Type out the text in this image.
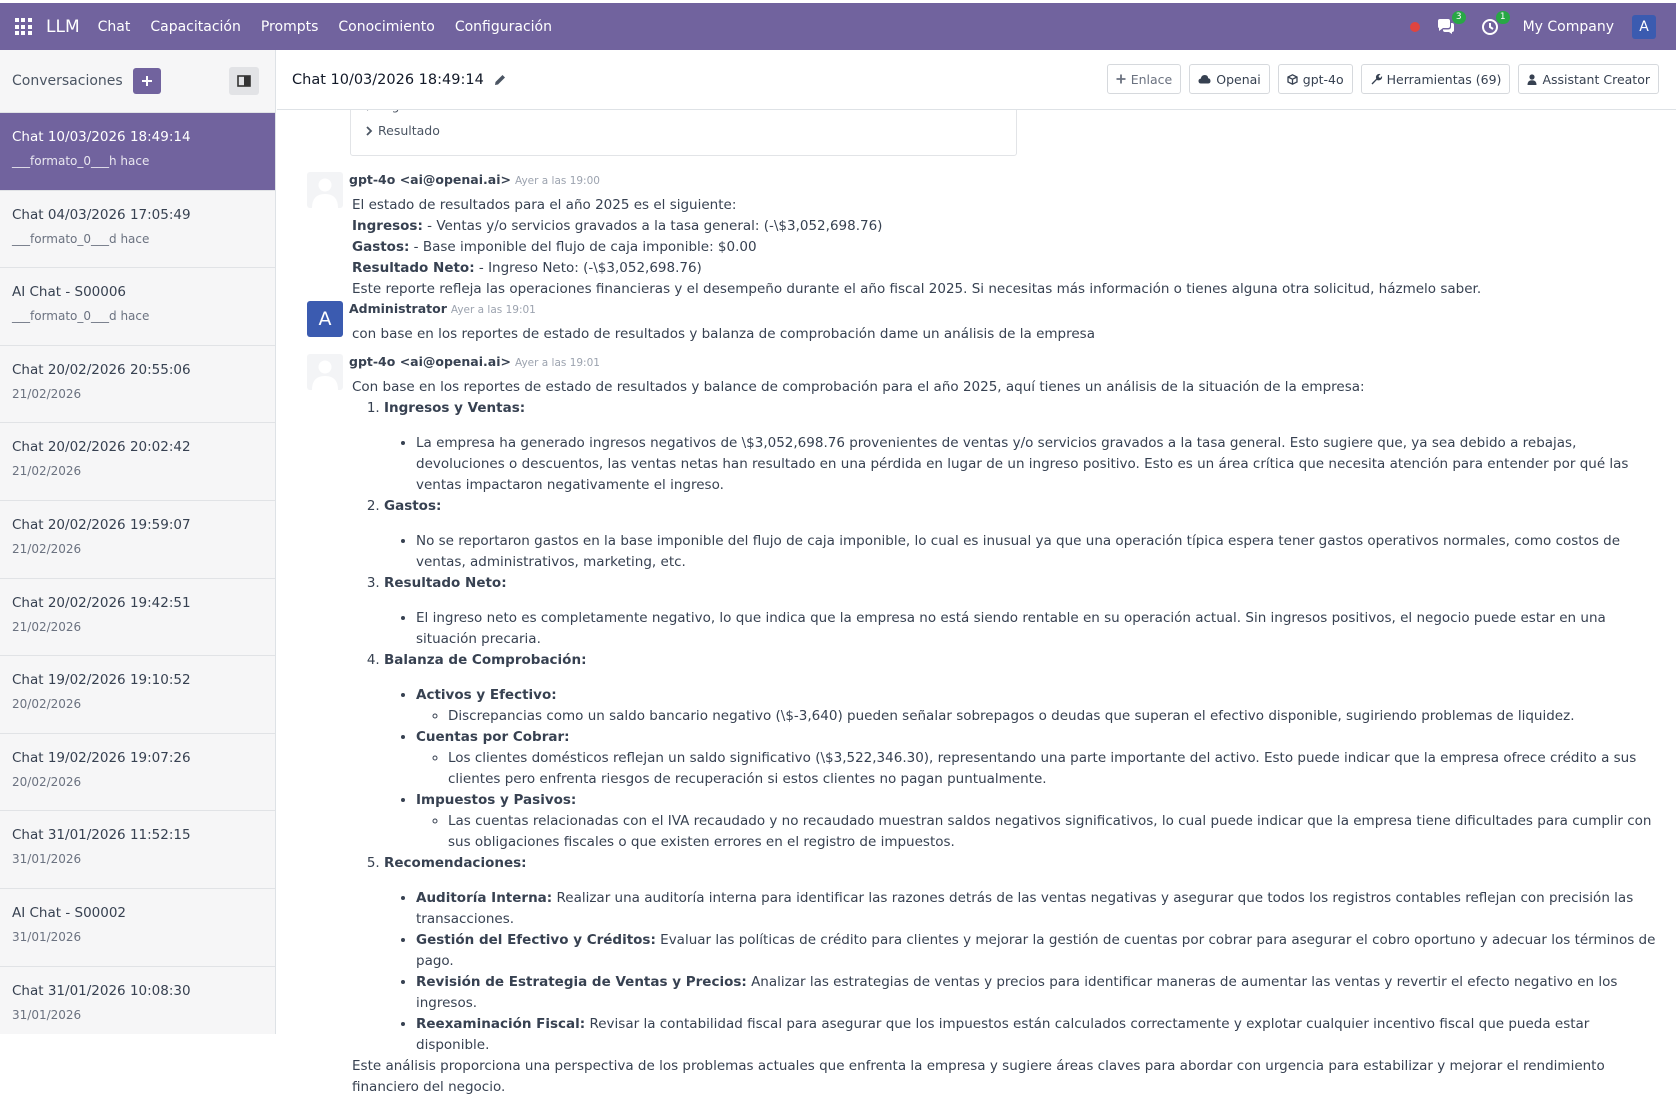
LLM Chat Capacitación Prompts Conocimiento Configuración
3	1
My Company	A
Conversaciones
Chat 10/03/2026 18:49:14
___formato_0___h hace
Chat 04/03/2026 17:05:49
___formato_0___d hace
AI Chat - S00006
___formato_0___d hace
Chat 20/02/2026 20:55:06
21/02/2026
Chat 20/02/2026 20:02:42
21/02/2026
Chat 20/02/2026 19:59:07
21/02/2026
Chat 20/02/2026 19:42:51
21/02/2026
Chat 19/02/2026 19:10:52
20/02/2026
Chat 19/02/2026 19:07:26
20/02/2026
Chat 31/01/2026 11:52:15
31/01/2026
AI Chat - S00002
31/01/2026
Chat 31/01/2026 10:08:30
31/01/2026
Chat 10/03/2026 18:49:14	Enlace	Openai	gpt-4o	Herramientas (69)	Assistant Creator
Resultado
gpt-4o <ai@openai.ai> Ayer a las 19:00

El estado de resultados para el año 2025 es el siguiente:

Ingresos: - Ventas y/o servicios gravados a la tasa general: (-\$3,052,698.76)

Gastos: - Base imponible del flujo de caja imponible: $0.00

Resultado Neto: - Ingreso Neto: (-\$3,052,698.76)

Este reporte refleja las operaciones financieras y el desempeño durante el año fiscal 2025. Si necesitas más información o tienes alguna otra solicitud, házmelo saber.

A	Administrator Ayer a las 19:01

con base en los reportes de estado de resultados y balanza de comprobación dame un análisis de la empresa

gpt-4o <ai@openai.ai> Ayer a las 19:01

Con base en los reportes de estado de resultados y balance de comprobación para el año 2025, aquí tienes un análisis de la situación de la empresa:

1. Ingresos y Ventas:
• La empresa ha generado ingresos negativos de \$3,052,698.76 provenientes de ventas y/o servicios gravados a la tasa general. Esto sugiere que, ya sea debido a rebajas, devoluciones o descuentos, las ventas netas han resultado en una pérdida en lugar de un ingreso positivo. Esto es un área crítica que necesita atención para entender por qué las ventas impactaron negativamente el ingreso.
2. Gastos:
• No se reportaron gastos en la base imponible del flujo de caja imponible, lo cual es inusual ya que una operación típica espera tener gastos operativos normales, como costos de ventas, administrativos, marketing, etc.
3. Resultado Neto:
• El ingreso neto es completamente negativo, lo que indica que la empresa no está siendo rentable en su operación actual. Sin ingresos positivos, el negocio puede estar en una situación precaria.
4. Balanza de Comprobación:
• Activos y Efectivo:
◦ Discrepancias como un saldo bancario negativo (\$-3,640) pueden señalar sobrepagos o deudas que superan el efectivo disponible, sugiriendo problemas de liquidez.
• Cuentas por Cobrar:
◦ Los clientes domésticos reflejan un saldo significativo (\$3,522,346.30), representando una parte importante del activo. Esto puede indicar que la empresa ofrece crédito a sus clientes pero enfrenta riesgos de recuperación si estos clientes no pagan puntualmente.
• Impuestos y Pasivos:
◦ Las cuentas relacionadas con el IVA recaudado y no recaudado muestran saldos negativos significativos, lo cual puede indicar que la empresa tiene dificultades para cumplir con sus obligaciones fiscales o que existen errores en el registro de impuestos.
5. Recomendaciones:
• Auditoría Interna: Realizar una auditoría interna para identificar las razones detrás de las ventas negativas y asegurar que todos los registros contables reflejan con precisión las transacciones.
• Gestión del Efectivo y Créditos: Evaluar las políticas de crédito para clientes y mejorar la gestión de cuentas por cobrar para asegurar el cobro oportuno y adecuar los términos de pago.
• Revisión de Estrategia de Ventas y Precios: Analizar las estrategias de ventas y precios para identificar maneras de aumentar las ventas y revertir el efecto negativo en los ingresos.
• Reexaminación Fiscal: Revisar la contabilidad fiscal para asegurar que los impuestos están calculados correctamente y explotar cualquier incentivo fiscal que pueda estar disponible.

Este análisis proporciona una perspectiva de los problemas actuales que enfrenta la empresa y sugiere áreas claves para abordar con urgencia para estabilizar y mejorar el rendimiento financiero del negocio.
